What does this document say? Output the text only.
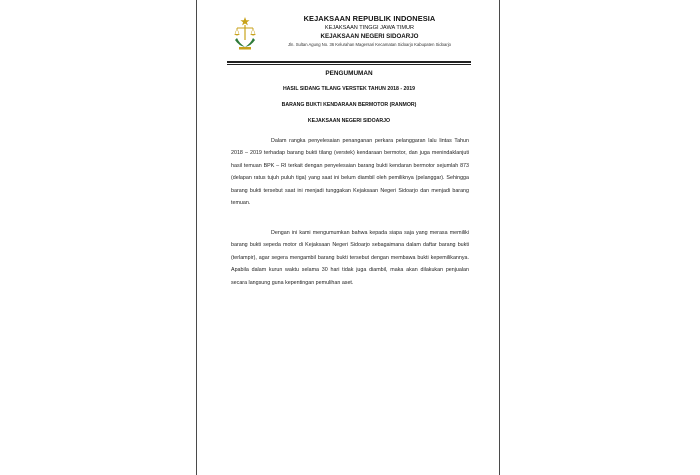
KEJAKSAAN REPUBLIK INDONESIA
KEJAKSAAN TINGGI JAWA TIMUR
KEJAKSAAN NEGERI SIDOARJO
Jln. Sultan Agung No. 36 Kelurahan Magersari Kecamatan Sidoarjo Kabupaten Sidoarjo
PENGUMUMAN
HASIL SIDANG TILANG VERSTEK TAHUN 2018 - 2019
BARANG BUKTI KENDARAAN BERMOTOR (RANMOR)
KEJAKSAAN NEGERI SIDOARJO
Dalam rangka penyelesaian penanganan perkara pelanggaran lalu lintas Tahun 2018 – 2019 terhadap barang bukti tilang (verstek) kendaraan bermotor, dan juga menindaklanjuti hasil temuan BPK – RI terkait dengan penyelesaian barang bukti kendaran bermotor sejumlah 873 (delapan ratus tujuh puluh tiga) yang saat ini belum diambil oleh pemiliknya (pelanggar). Sehingga barang bukti tersebut saat ini menjadi tunggakan Kejaksaan Negeri Sidoarjo dan menjadi barang temuan.
Dengan ini kami mengumumkan bahwa kepada siapa saja yang merasa memiliki barang bukti sepeda motor di Kejaksaan Negeri Sidoarjo sebagaimana dalam daftar barang bukti (terlampir), agar segera mengambil barang bukti tersebut dengan membawa bukti kepemilikannya. Apabila dalam kurun waktu selama 30 hari tidak juga diambil, maka akan dilakukan penjualan secara langsung guna kepentingan pemulihan aset.
